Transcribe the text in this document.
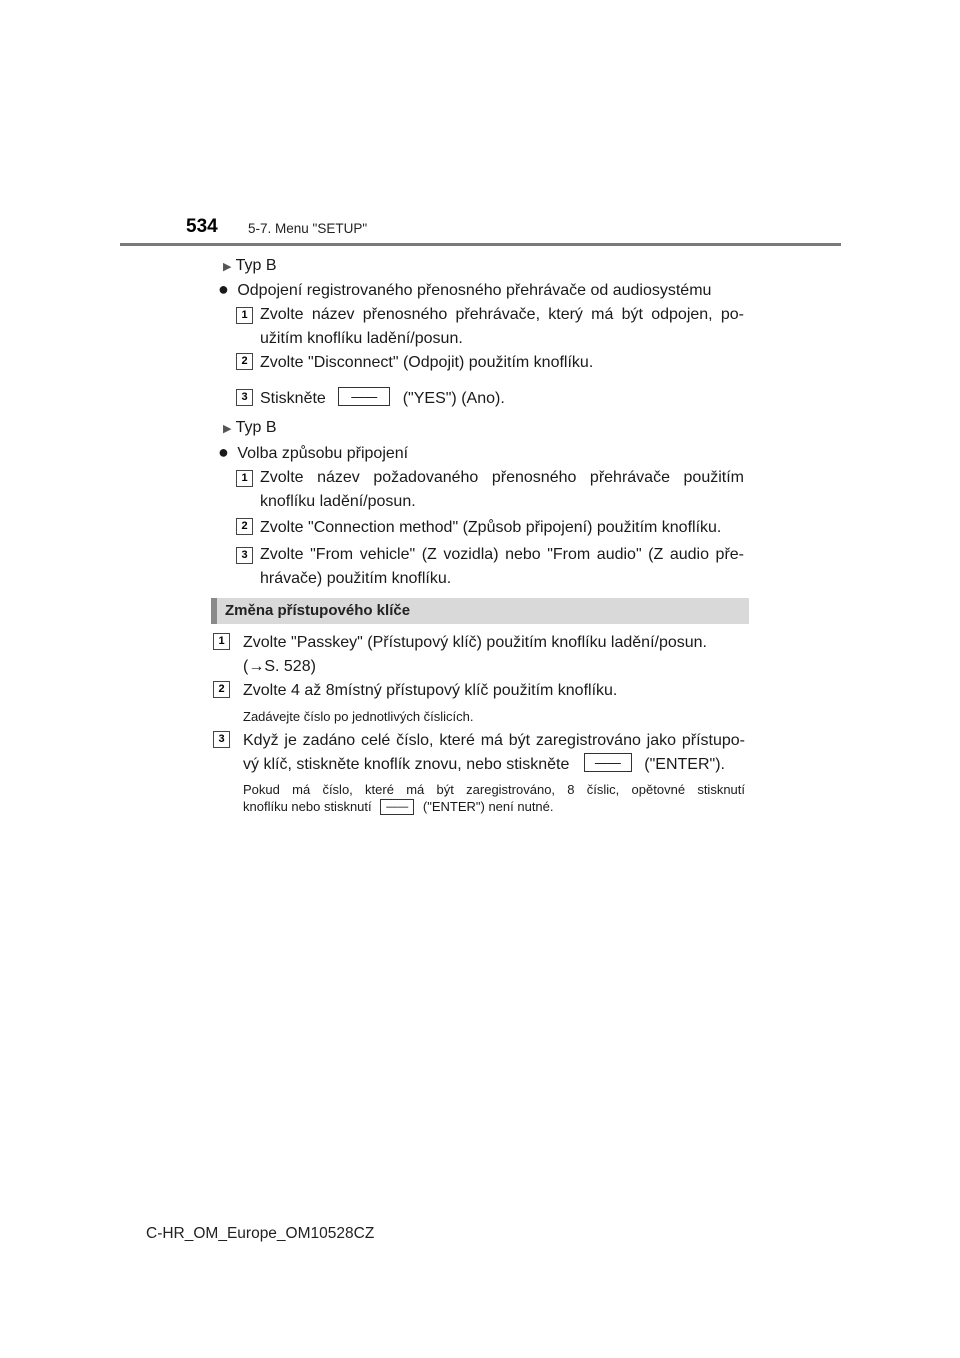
534 5-7. Menu "SETUP"
▶ Typ B
● Odpojení registrovaného přenosného přehrávače od audiosystému
1 Zvolte název přenosného přehrávače, který má být odpojen, po-
užitím knoflíku ladění/posun.
2 Zvolte "Disconnect" (Odpojit) použitím knoflíku.
3 Stiskněte —— ("YES") (Ano).
▶ Typ B
● Volba způsobu připojení
1 Zvolte název požadovaného přenosného přehrávače použitím
knoflíku ladění/posun.
2 Zvolte "Connection method" (Způsob připojení) použitím knoflíku.
3 Zvolte "From vehicle" (Z vozidla) nebo "From audio" (Z audio pře-
hrávače) použitím knoflíku.
Změna přístupového klíče
1	Zvolte "Passkey" (Přístupový klíč) použitím knoflíku ladění/posun.
(→S. 528)
2	Zvolte 4 až 8místný přístupový klíč použitím knoflíku.
Zadávejte číslo po jednotlivých číslicích.
3	Když je zadáno celé číslo, které má být zaregistrováno jako přístupo-
vý klíč, stiskněte knoflík znovu, nebo stiskněte —— ("ENTER").
Pokud má číslo, které má být zaregistrováno, 8 číslic, opětovné stisknutí
knoflíku nebo stisknutí —— ("ENTER") není nutné.
C-HR_OM_Europe_OM10528CZ
